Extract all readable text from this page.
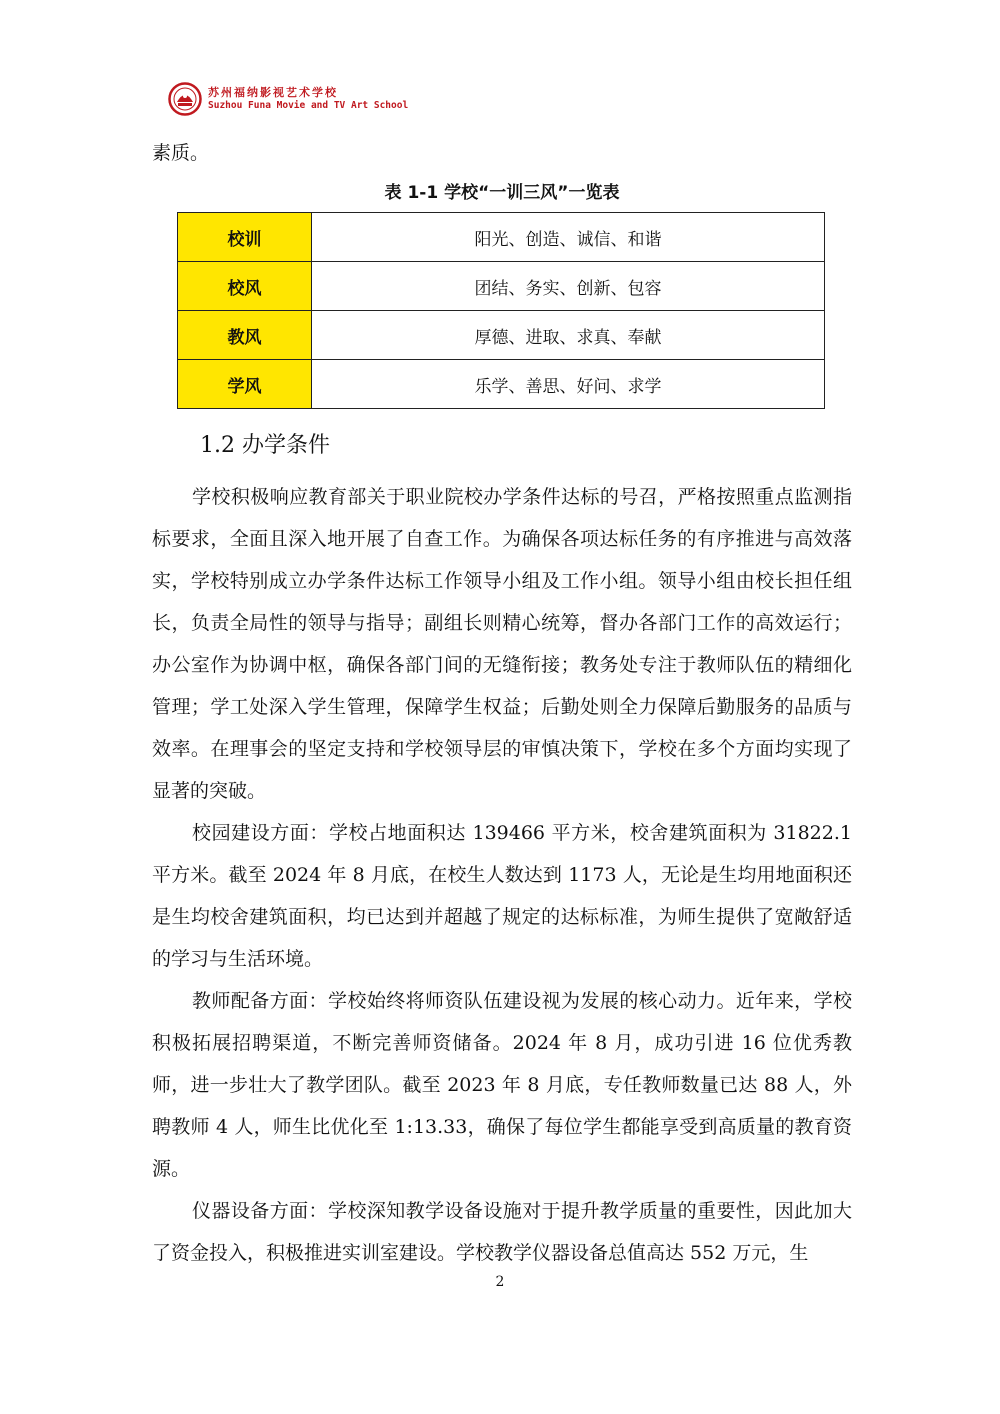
苏州福纳影视艺术学校
Suzhou Funa Movie and TV Art School

素质。

表 1-1 学校“一训三风”一览表
校训	阳光、创造、诚信、和谐
校风	团结、务实、创新、包容
教风	厚德、进取、求真、奉献
学风	乐学、善思、好问、求学
1.2 办学条件

学校积极响应教育部关于职业院校办学条件达标的号召，严格按照重点监测指标要求，全面且深入地开展了自查工作。为确保各项达标任务的有序推进与高效落实，学校特别成立办学条件达标工作领导小组及工作小组。领导小组由校长担任组长，负责全局性的领导与指导；副组长则精心统筹，督办各部门工作的高效运行；办公室作为协调中枢，确保各部门间的无缝衔接；教务处专注于教师队伍的精细化管理；学工处深入学生管理，保障学生权益；后勤处则全力保障后勤服务的品质与效率。在理事会的坚定支持和学校领导层的审慎决策下，学校在多个方面均实现了显著的突破。

校园建设方面：学校占地面积达 139466 平方米，校舍建筑面积为 31822.1 平方米。截至 2024 年 8 月底，在校生人数达到 1173 人，无论是生均用地面积还是生均校舍建筑面积，均已达到并超越了规定的达标标准，为师生提供了宽敞舒适的学习与生活环境。

教师配备方面：学校始终将师资队伍建设视为发展的核心动力。近年来，学校积极拓展招聘渠道，不断完善师资储备。2024 年 8 月，成功引进 16 位优秀教师，进一步壮大了教学团队。截至 2023 年 8 月底，专任教师数量已达 88 人，外聘教师 4 人，师生比优化至 1:13.33，确保了每位学生都能享受到高质量的教育资源。

仪器设备方面：学校深知教学设备设施对于提升教学质量的重要性，因此加大了资金投入，积极推进实训室建设。学校教学仪器设备总值高达 552 万元，生

2
